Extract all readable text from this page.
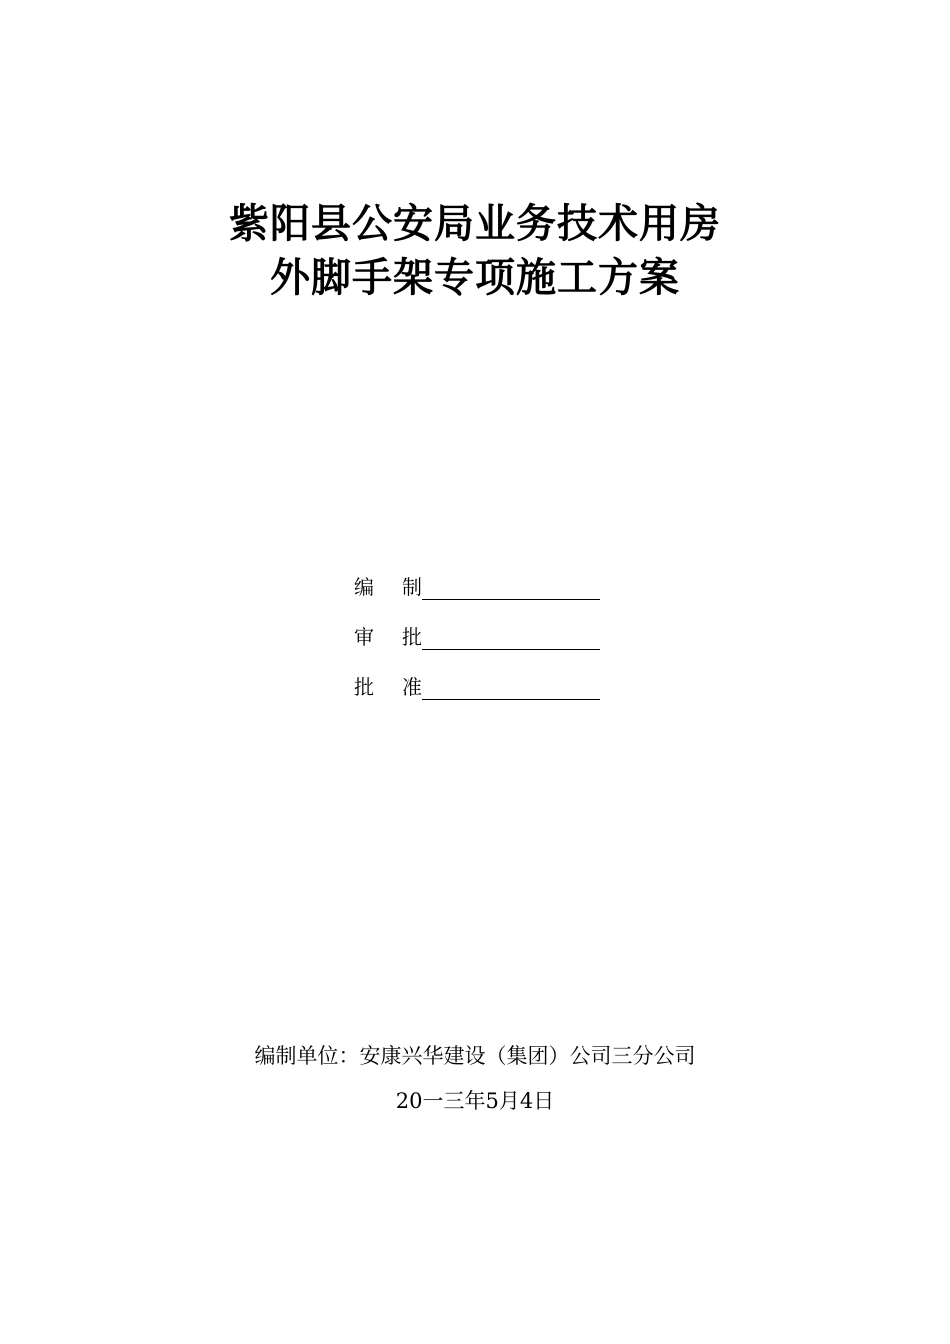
紫阳县公安局业务技术用房
外脚手架专项施工方案
编 制
审 批
批 准
编制单位：安康兴华建设（集团）公司三分公司
20一三年5月4日
